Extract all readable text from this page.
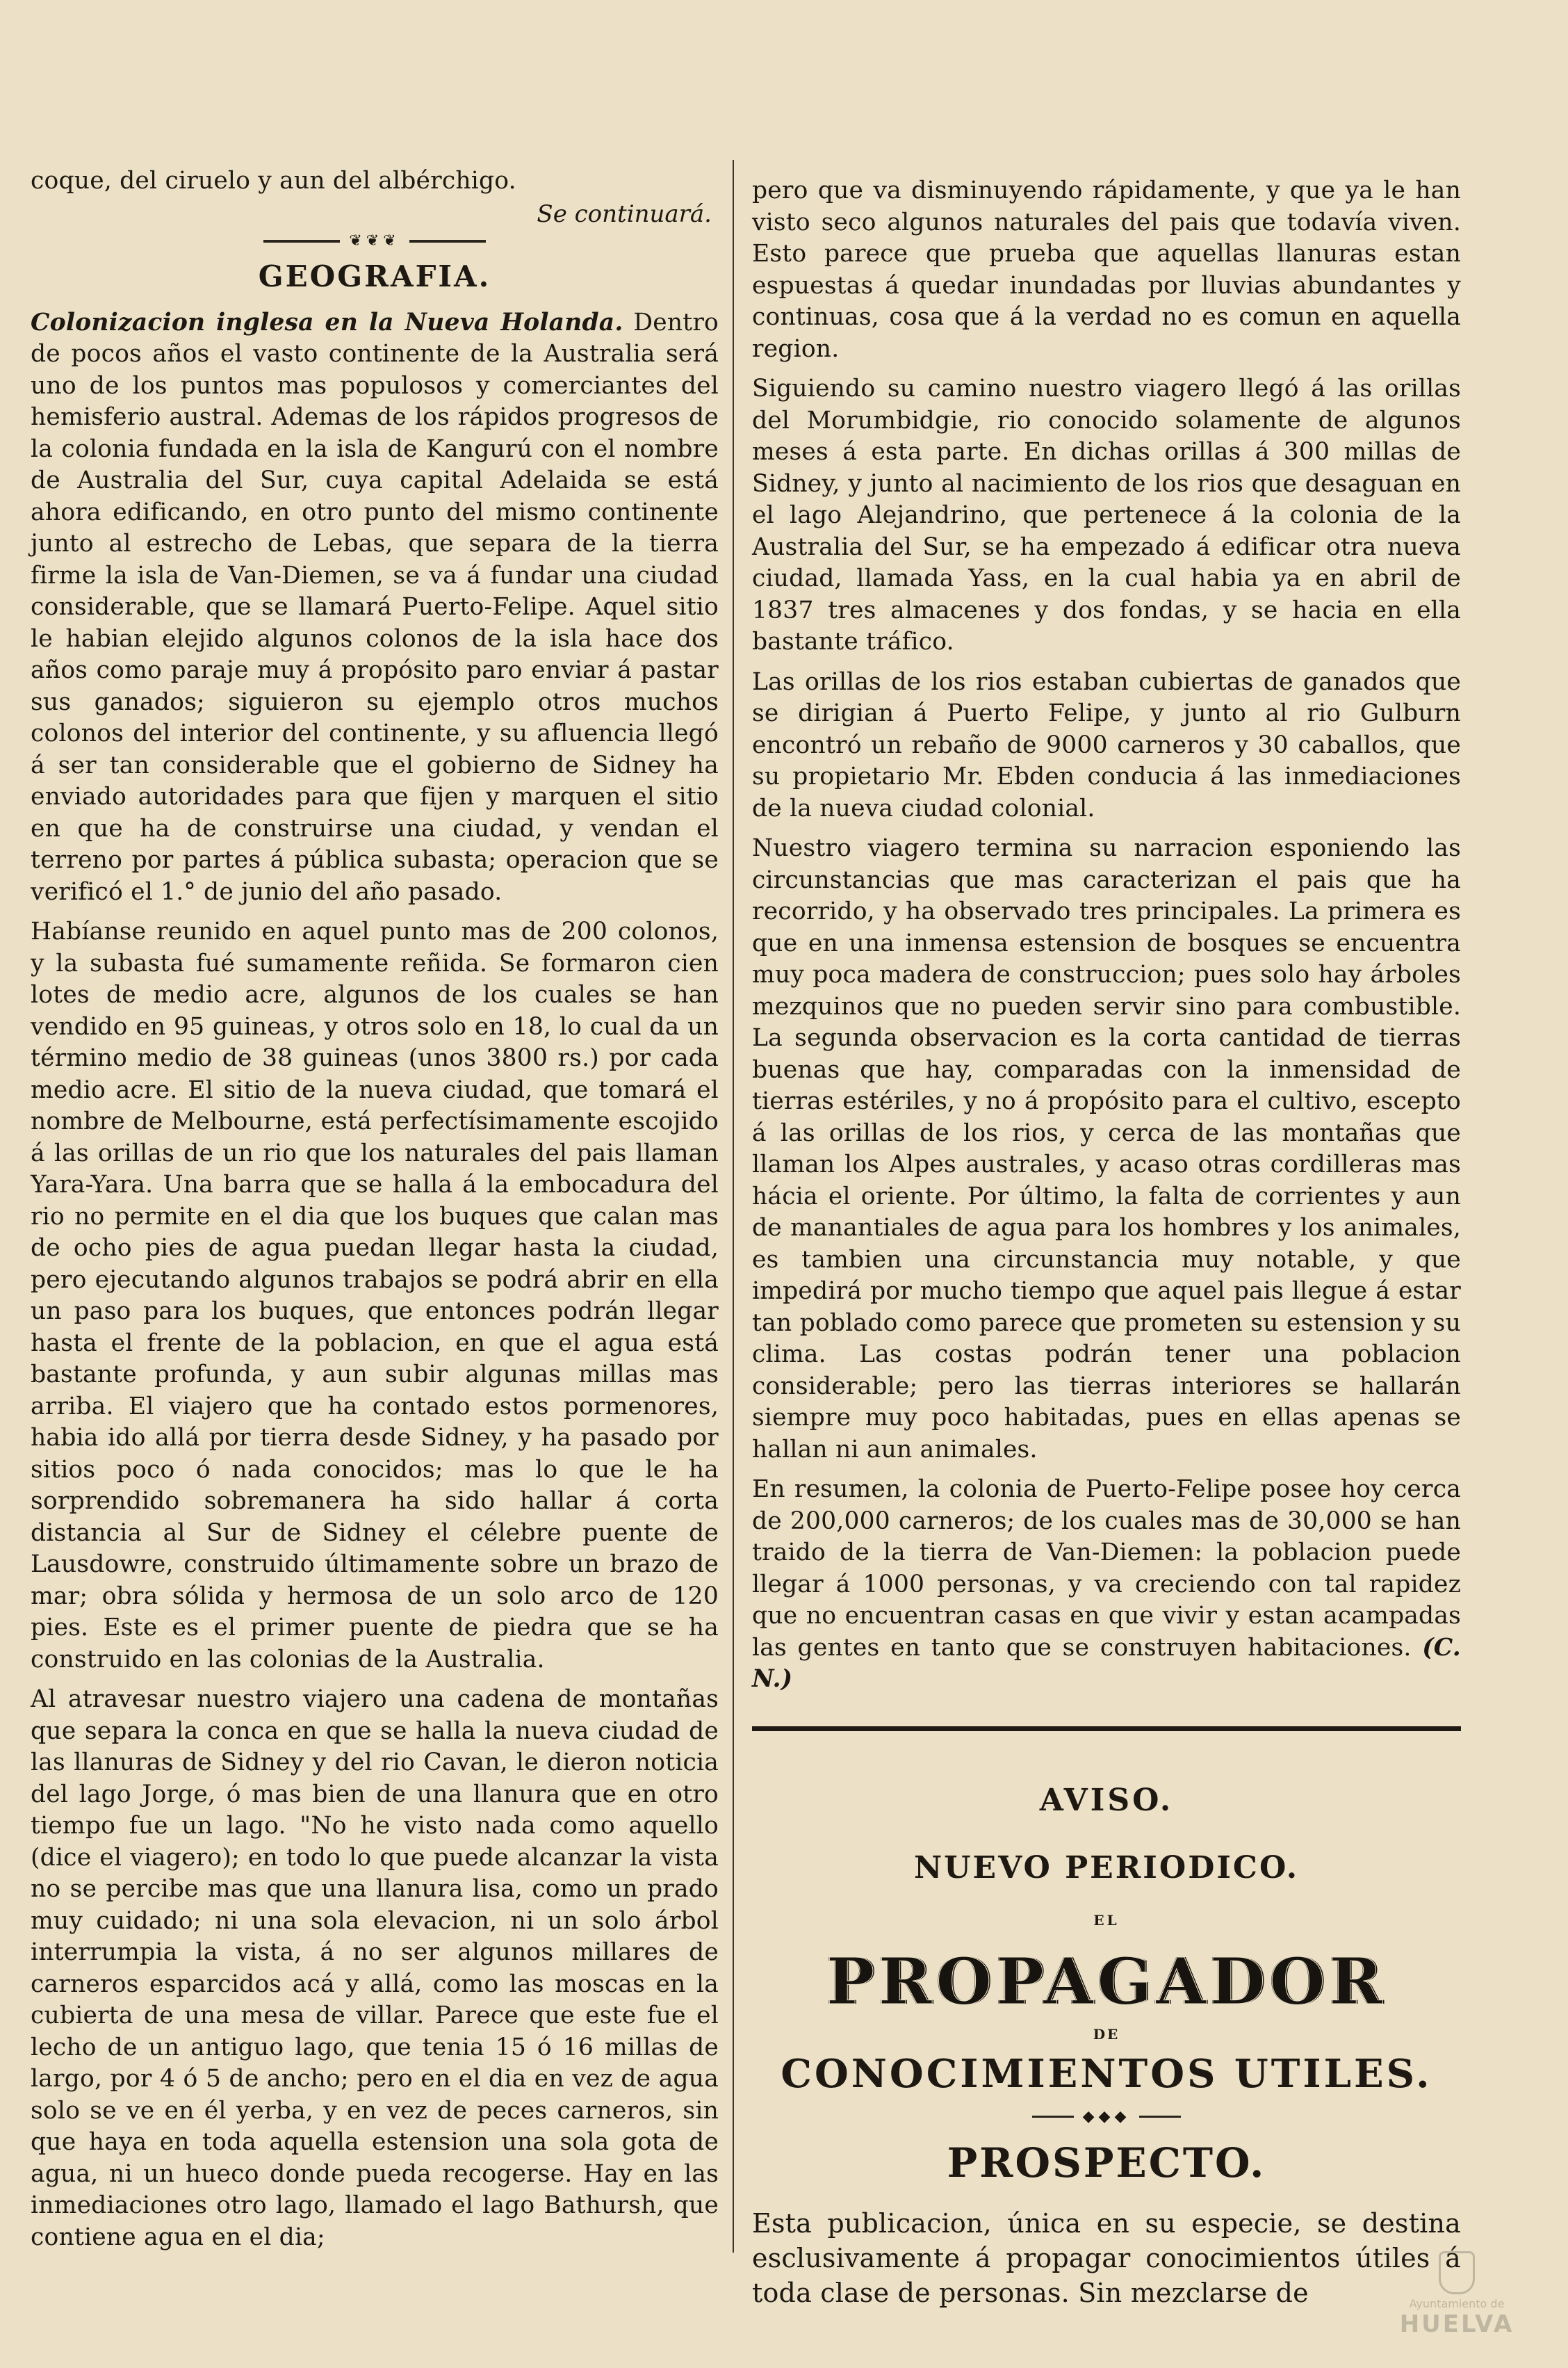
coque, del ciruelo y aun del albérchigo.

Se continuará.
❦❦❦
GEOGRAFIA.

Colonizacion inglesa en la Nueva Holanda. Dentro de pocos años el vasto continente de la Australia será uno de los puntos mas populosos y comerciantes del hemisferio austral. Ademas de los rápidos progresos de la colonia fundada en la isla de Kangurú con el nombre de Australia del Sur, cuya capital Adelaida se está ahora edificando, en otro punto del mismo continente junto al estrecho de Lebas, que separa de la tierra firme la isla de Van-Diemen, se va á fundar una ciudad considerable, que se llamará Puerto-Felipe. Aquel sitio le habian elejido algunos colonos de la isla hace dos años como paraje muy á propósito paro enviar á pastar sus ganados; siguieron su ejemplo otros muchos colonos del interior del continente, y su afluencia llegó á ser tan considerable que el gobierno de Sidney ha enviado autoridades para que fijen y marquen el sitio en que ha de construirse una ciudad, y vendan el terreno por partes á pública subasta; operacion que se verificó el 1.° de junio del año pasado.

Habíanse reunido en aquel punto mas de 200 colonos, y la subasta fué sumamente reñida. Se formaron cien lotes de medio acre, algunos de los cuales se han vendido en 95 guineas, y otros solo en 18, lo cual da un término medio de 38 guineas (unos 3800 rs.) por cada medio acre. El sitio de la nueva ciudad, que tomará el nombre de Melbourne, está perfectísimamente escojido á las orillas de un rio que los naturales del pais llaman Yara-Yara. Una barra que se halla á la embocadura del rio no permite en el dia que los buques que calan mas de ocho pies de agua puedan llegar hasta la ciudad, pero ejecutando algunos trabajos se podrá abrir en ella un paso para los buques, que entonces podrán llegar hasta el frente de la poblacion, en que el agua está bastante profunda, y aun subir algunas millas mas arriba. El viajero que ha contado estos pormenores, habia ido allá por tierra desde Sidney, y ha pasado por sitios poco ó nada conocidos; mas lo que le ha sorprendido sobremanera ha sido hallar á corta distancia al Sur de Sidney el célebre puente de Lausdowre, construido últimamente sobre un brazo de mar; obra sólida y hermosa de un solo arco de 120 pies. Este es el primer puente de piedra que se ha construido en las colonias de la Australia.

Al atravesar nuestro viajero una cadena de montañas que separa la conca en que se halla la nueva ciudad de las llanuras de Sidney y del rio Cavan, le dieron noticia del lago Jorge, ó mas bien de una llanura que en otro tiempo fue un lago. "No he visto nada como aquello (dice el viagero); en todo lo que puede alcanzar la vista no se percibe mas que una llanura lisa, como un prado muy cuidado; ni una sola elevacion, ni un solo árbol interrumpia la vista, á no ser algunos millares de carneros esparcidos acá y allá, como las moscas en la cubierta de una mesa de villar. Parece que este fue el lecho de un antiguo lago, que tenia 15 ó 16 millas de largo, por 4 ó 5 de ancho; pero en el dia en vez de agua solo se ve en él yerba, y en vez de peces carneros, sin que haya en toda aquella estension una sola gota de agua, ni un hueco donde pueda recogerse. Hay en las inmediaciones otro lago, llamado el lago Bathursh, que contiene agua en el dia;

pero que va disminuyendo rápidamente, y que ya le han visto seco algunos naturales del pais que todavía viven. Esto parece que prueba que aquellas llanuras estan espuestas á quedar inundadas por lluvias abundantes y continuas, cosa que á la verdad no es comun en aquella region.

Siguiendo su camino nuestro viagero llegó á las orillas del Morumbidgie, rio conocido solamente de algunos meses á esta parte. En dichas orillas á 300 millas de Sidney, y junto al nacimiento de los rios que desaguan en el lago Alejandrino, que pertenece á la colonia de la Australia del Sur, se ha empezado á edificar otra nueva ciudad, llamada Yass, en la cual habia ya en abril de 1837 tres almacenes y dos fondas, y se hacia en ella bastante tráfico.

Las orillas de los rios estaban cubiertas de ganados que se dirigian á Puerto Felipe, y junto al rio Gulburn encontró un rebaño de 9000 carneros y 30 caballos, que su propietario Mr. Ebden conducia á las inmediaciones de la nueva ciudad colonial.

Nuestro viagero termina su narracion esponiendo las circunstancias que mas caracterizan el pais que ha recorrido, y ha observado tres principales. La primera es que en una inmensa estension de bosques se encuentra muy poca madera de construccion; pues solo hay árboles mezquinos que no pueden servir sino para combustible. La segunda observacion es la corta cantidad de tierras buenas que hay, comparadas con la inmensidad de tierras estériles, y no á propósito para el cultivo, escepto á las orillas de los rios, y cerca de las montañas que llaman los Alpes australes, y acaso otras cordilleras mas hácia el oriente. Por último, la falta de corrientes y aun de manantiales de agua para los hombres y los animales, es tambien una circunstancia muy notable, y que impedirá por mucho tiempo que aquel pais llegue á estar tan poblado como parece que prometen su estension y su clima. Las costas podrán tener una poblacion considerable; pero las tierras interiores se hallarán siempre muy poco habitadas, pues en ellas apenas se hallan ni aun animales.

En resumen, la colonia de Puerto-Felipe posee hoy cerca de 200,000 carneros; de los cuales mas de 30,000 se han traido de la tierra de Van-Diemen: la poblacion puede llegar á 1000 personas, y va creciendo con tal rapidez que no encuentran casas en que vivir y estan acampadas las gentes en tanto que se construyen habitaciones. (C. N.)

AVISO.
NUEVO PERIODICO.
EL
PROPAGADOR
DE
CONOCIMIENTOS UTILES.
◆◆◆
PROSPECTO.

Esta publicacion, única en su especie, se destina esclusivamente á propagar conocimientos útiles á toda clase de personas. Sin mezclarse de	Ayuntamiento de
HUELVA
